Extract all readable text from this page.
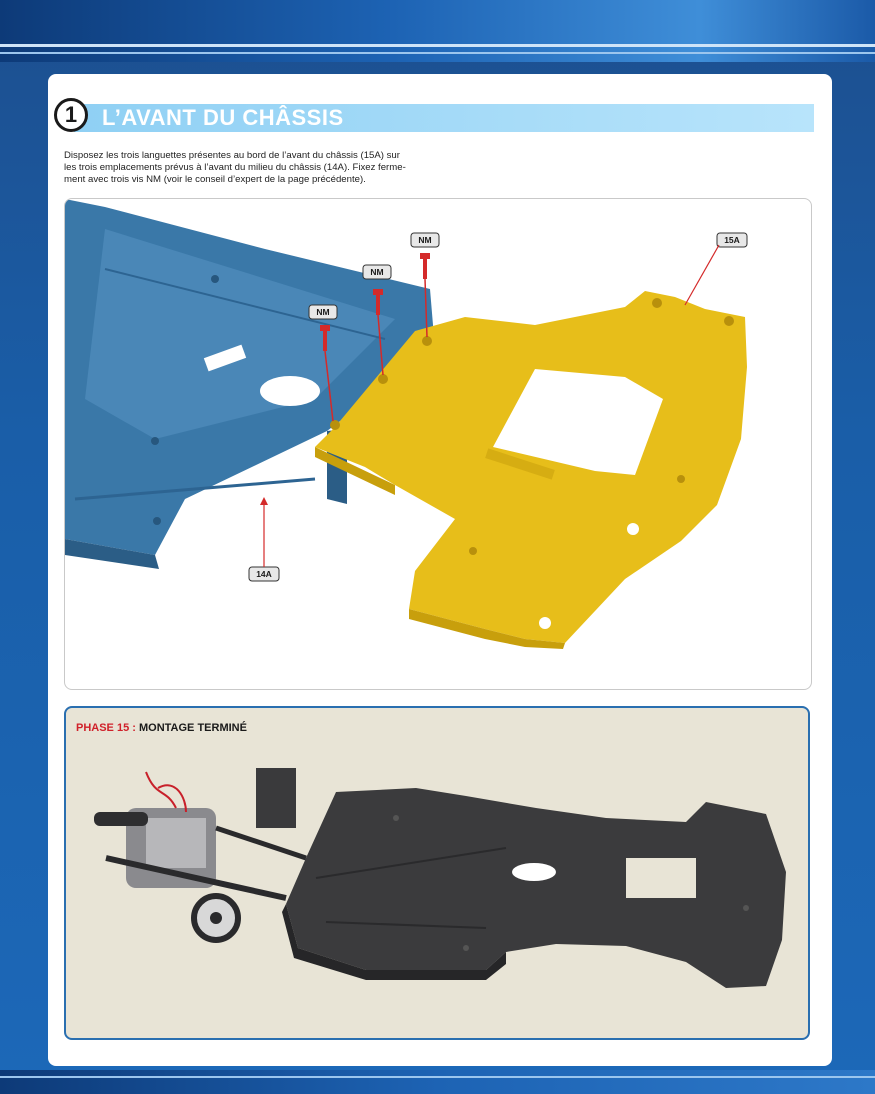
1	L’AVANT DU CHÂSSIS
Disposez les trois languettes présentes au bord de l’avant du châssis (15A) sur
les trois emplacements prévus à l’avant du milieu du châssis (14A). Fixez ferme-
ment avec trois vis NM (voir le conseil d’expert de la page précédente).
NM
NM
NM	15A
14A
PHASE 15 : MONTAGE TERMINÉ
